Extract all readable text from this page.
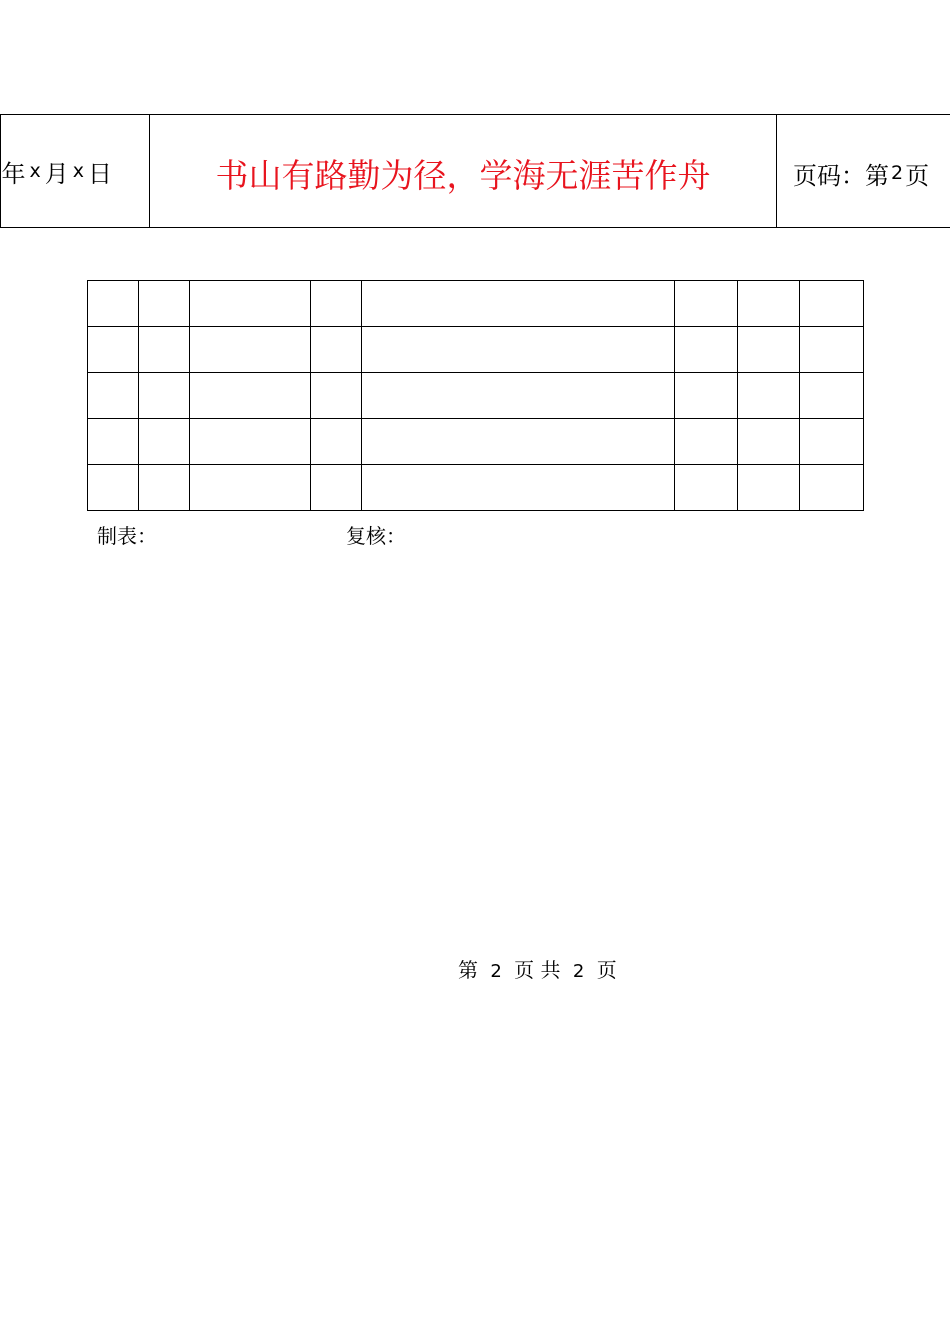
年 x 月 x 日	书山有路勤为径，学海无涯苦作舟	页码：第 2 页

制表：	复核：
第 2 页 共 2 页
